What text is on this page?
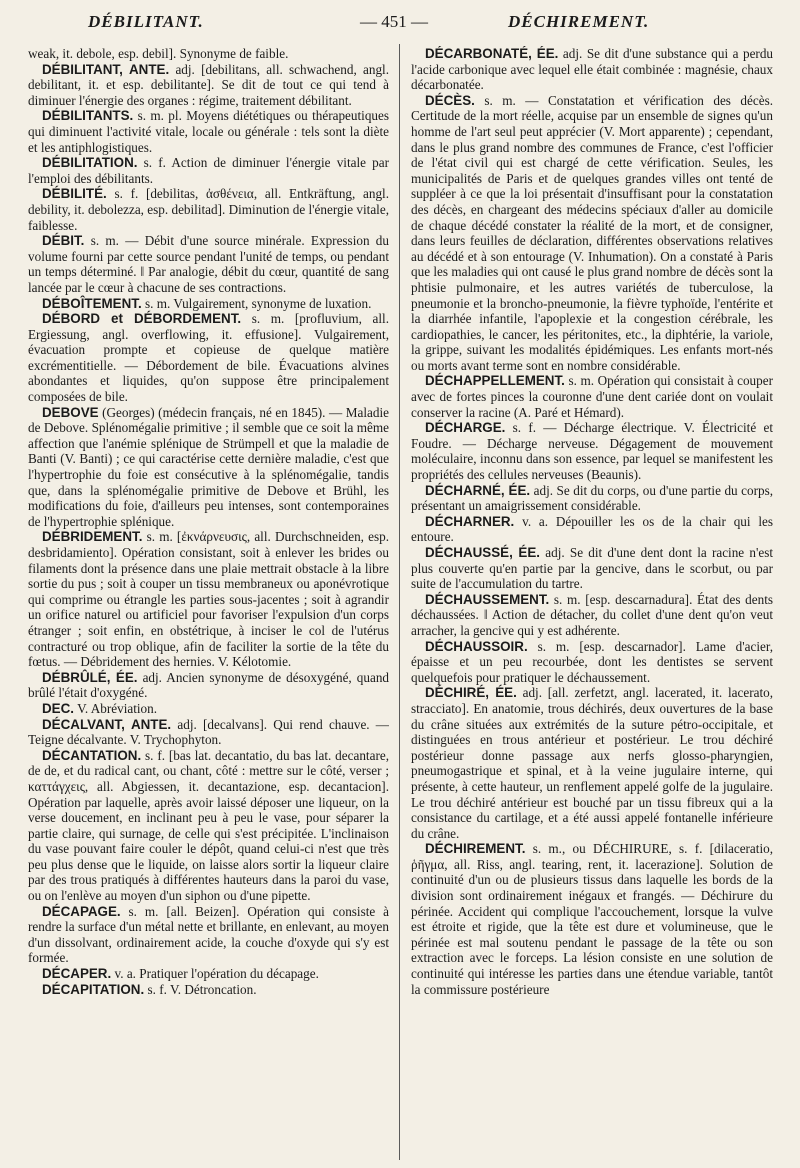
DÉBILITANT.	— 451 —	DÉCHIREMENT.

weak, it. debole, esp. debil]. Synonyme de faible.

DÉBILITANT, ANTE. adj. [debilitans, all. schwachend, angl. debilitant, it. et esp. debilitante]. Se dit de tout ce qui tend à diminuer l'énergie des organes : régime, traitement débilitant.

DÉBILITANTS. s. m. pl. Moyens diététiques ou thérapeutiques qui diminuent l'activité vitale, locale ou générale : tels sont la diète et les antiphlogistiques.

DÉBILITATION. s. f. Action de diminuer l'énergie vitale par l'emploi des débilitants.

DÉBILITÉ. s. f. [debilitas, ἀσθένεια, all. Entkräftung, angl. debility, it. debolezza, esp. debilitad]. Diminution de l'énergie vitale, faiblesse.

DÉBIT. s. m. — Débit d'une source minérale. Expression du volume fourni par cette source pendant l'unité de temps, ou pendant un temps déterminé. ‖ Par analogie, débit du cœur, quantité de sang lancée par le cœur à chacune de ses contractions.

DÉBOÎTEMENT. s. m. Vulgairement, synonyme de luxation.

DÉBORD et DÉBORDEMENT. s. m. [profluvium, all. Ergiessung, angl. overflowing, it. effusione]. Vulgairement, évacuation prompte et copieuse de quelque matière excrémentitielle. — Débordement de bile. Évacuations alvines abondantes et liquides, qu'on suppose être principalement composées de bile.

DEBOVE (Georges) (médecin français, né en 1845). — Maladie de Debove. Splénomégalie primitive ; il semble que ce soit la même affection que l'anémie splénique de Strümpell et que la maladie de Banti (V. Banti) ; ce qui caractérise cette dernière maladie, c'est que l'hypertrophie du foie est consécutive à la splénomégalie, tandis que, dans la splénomégalie primitive de Debove et Brühl, les modifications du foie, d'ailleurs peu intenses, sont contemporaines de l'hypertrophie splénique.

DÉBRIDEMENT. s. m. [ἐκνάρνευσις, all. Durchschneiden, esp. desbridamiento]. Opération consistant, soit à enlever les brides ou filaments dont la présence dans une plaie mettrait obstacle à la libre sortie du pus ; soit à couper un tissu membraneux ou aponévrotique qui comprime ou étrangle les parties sous-jacentes ; soit à agrandir un orifice naturel ou artificiel pour favoriser l'expulsion d'un corps étranger ; soit enfin, en obstétrique, à inciser le col de l'utérus contracturé ou trop oblique, afin de faciliter la sortie de la tête du fœtus. — Débridement des hernies. V. Kélotomie.

DÉBRÛLÉ, ÉE. adj. Ancien synonyme de désoxygéné, quand brûlé l'était d'oxygéné.

DEC. V. Abréviation.

DÉCALVANT, ANTE. adj. [decalvans]. Qui rend chauve. — Teigne décalvante. V. Trychophyton.

DÉCANTATION. s. f. [bas lat. decantatio, du bas lat. decantare, de de, et du radical cant, ou chant, côté : mettre sur le côté, verser ; καττάγχεις, all. Abgiessen, it. decantazione, esp. decantacion]. Opération par laquelle, après avoir laissé déposer une liqueur, on la verse doucement, en inclinant peu à peu le vase, pour séparer la partie claire, qui surnage, de celle qui s'est précipitée. L'inclinaison du vase pouvant faire couler le dépôt, quand celui-ci n'est que très peu plus dense que le liquide, on laisse alors sortir la liqueur claire par des trous pratiqués à différentes hauteurs dans la paroi du vase, ou on l'enlève au moyen d'un siphon ou d'une pipette.

DÉCAPAGE. s. m. [all. Beizen]. Opération qui consiste à rendre la surface d'un métal nette et brillante, en enlevant, au moyen d'un dissolvant, ordinairement acide, la couche d'oxyde qui s'y est formée.

DÉCAPER. v. a. Pratiquer l'opération du décapage.

DÉCAPITATION. s. f. V. Détroncation.

DÉCARBONATÉ, ÉE. adj. Se dit d'une substance qui a perdu l'acide carbonique avec lequel elle était combinée : magnésie, chaux décarbonatée.

DÉCÈS. s. m. — Constatation et vérification des décès. Certitude de la mort réelle, acquise par un ensemble de signes qu'un homme de l'art seul peut apprécier (V. Mort apparente) ; cependant, dans le plus grand nombre des communes de France, c'est l'officier de l'état civil qui est chargé de cette vérification. Seules, les municipalités de Paris et de quelques grandes villes ont tenté de suppléer à ce que la loi présentait d'insuffisant pour la constatation des décès, en chargeant des médecins spéciaux d'aller au domicile de chaque décédé constater la réalité de la mort, et de consigner, dans leurs feuilles de déclaration, différentes observations relatives au décédé et à son entourage (V. Inhumation). On a constaté à Paris que les maladies qui ont causé le plus grand nombre de décès sont la phtisie pulmonaire, et les autres variétés de tuberculose, la pneumonie et la broncho-pneumonie, la fièvre typhoïde, l'entérite et la diarrhée infantile, l'apoplexie et la congestion cérébrale, les cardiopathies, le cancer, les péritonites, etc., la diphtérie, la variole, la grippe, suivant les modalités épidémiques. Les enfants mort-nés ou morts avant terme sont en nombre considérable.

DÉCHAPPELLEMENT. s. m. Opération qui consistait à couper avec de fortes pinces la couronne d'une dent cariée dont on voulait conserver la racine (A. Paré et Hémard).

DÉCHARGE. s. f. — Décharge électrique. V. Électricité et Foudre. — Décharge nerveuse. Dégagement de mouvement moléculaire, inconnu dans son essence, par lequel se manifestent les propriétés des cellules nerveuses (Beaunis).

DÉCHARNÉ, ÉE. adj. Se dit du corps, ou d'une partie du corps, présentant un amaigrissement considérable.

DÉCHARNER. v. a. Dépouiller les os de la chair qui les entoure.

DÉCHAUSSÉ, ÉE. adj. Se dit d'une dent dont la racine n'est plus couverte qu'en partie par la gencive, dans le scorbut, ou par suite de l'accumulation du tartre.

DÉCHAUSSEMENT. s. m. [esp. descarnadura]. État des dents déchaussées. ‖ Action de détacher, du collet d'une dent qu'on veut arracher, la gencive qui y est adhérente.

DÉCHAUSSOIR. s. m. [esp. descarnador]. Lame d'acier, épaisse et un peu recourbée, dont les dentistes se servent quelquefois pour pratiquer le déchaussement.

DÉCHIRÉ, ÉE. adj. [all. zerfetzt, angl. lacerated, it. lacerato, stracciato]. En anatomie, trous déchirés, deux ouvertures de la base du crâne situées aux extrémités de la suture pétro-occipitale, et distinguées en trous antérieur et postérieur. Le trou déchiré postérieur donne passage aux nerfs glosso-pharyngien, pneumogastrique et spinal, et à la veine jugulaire interne, qui présente, à cette hauteur, un renflement appelé golfe de la jugulaire. Le trou déchiré antérieur est bouché par un tissu fibreux qui a la consistance du cartilage, et a été aussi appelé fontanelle inférieure du crâne.

DÉCHIREMENT. s. m., ou DÉCHIRURE, s. f. [dilaceratio, ῥῆγμα, all. Riss, angl. tearing, rent, it. lacerazione]. Solution de continuité d'un ou de plusieurs tissus dans laquelle les bords de la division sont ordinairement inégaux et frangés. — Déchirure du périnée. Accident qui complique l'accouchement, lorsque la vulve est étroite et rigide, que la tête est dure et volumineuse, que le périnée est mal soutenu pendant le passage de la tête ou son extraction avec le forceps. La lésion consiste en une solution de continuité qui intéresse les parties dans une étendue variable, tantôt la commissure postérieure
